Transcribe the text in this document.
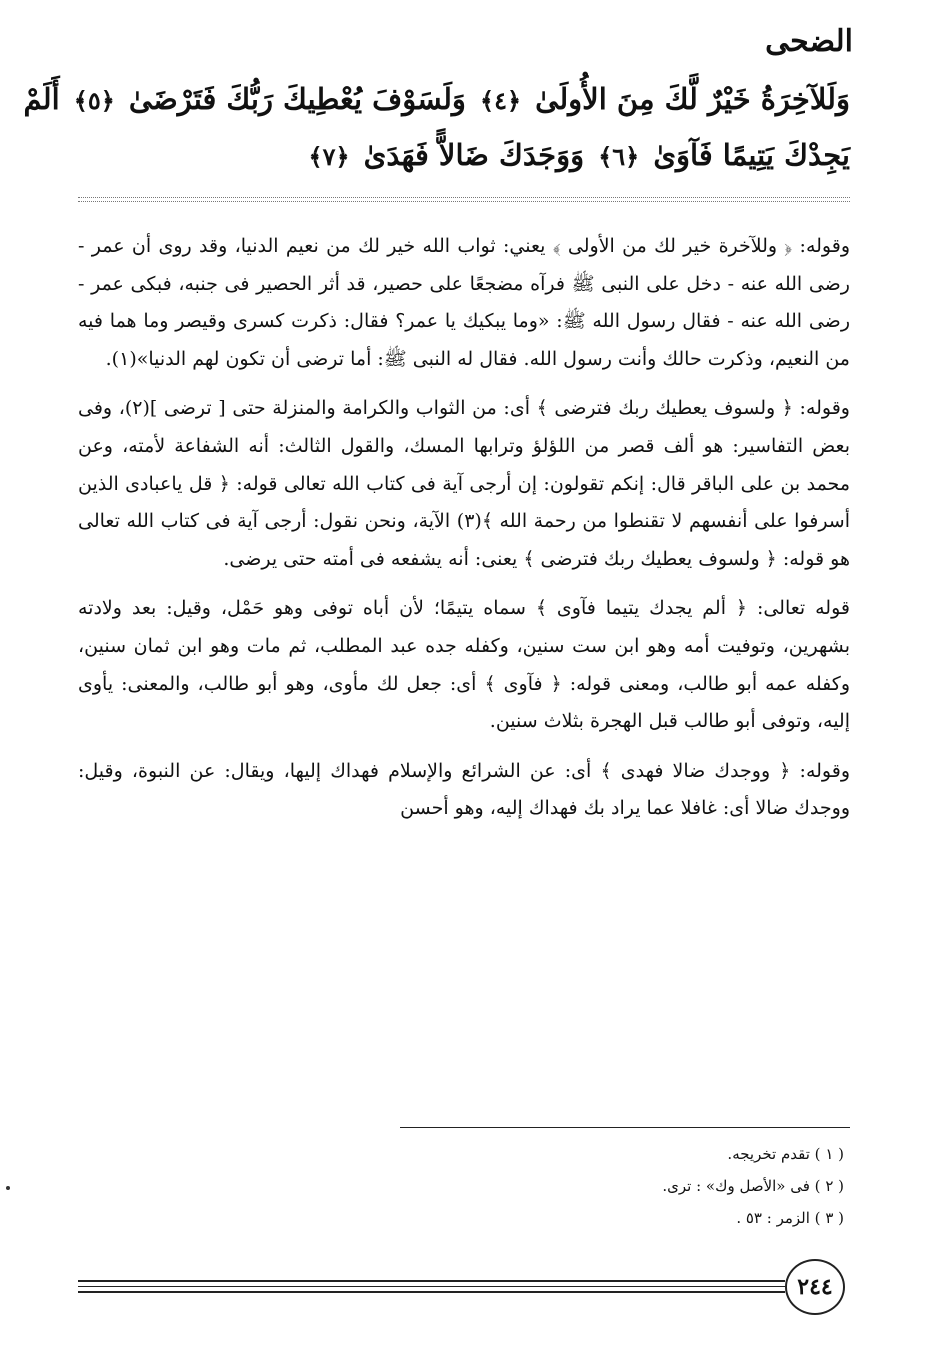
الضحى
وَلَلآخِرَةُ خَيْرٌ لَّكَ مِنَ الأُولَىٰ ﴿٤﴾ وَلَسَوْفَ يُعْطِيكَ رَبُّكَ فَتَرْضَىٰ ﴿٥﴾ أَلَمْ
يَجِدْكَ يَتِيمًا فَآوَىٰ ﴿٦﴾ وَوَجَدَكَ ضَالاًّ فَهَدَىٰ ﴿٧﴾

وقوله: ﴿ وللآخرة خير لك من الأولى ﴾ يعني: ثواب الله خير لك من نعيم الدنيا، وقد روى أن عمر - رضى الله عنه - دخل على النبى ﷺ فرآه مضجعًا على حصير، قد أثر الحصير فى جنبه، فبكى عمر - رضى الله عنه - فقال رسول الله ﷺ: «وما يبكيك يا عمر؟ فقال: ذكرت كسرى وقيصر وما هما فيه من النعيم، وذكرت حالك وأنت رسول الله. فقال له النبى ﷺ: أما ترضى أن تكون لهم الدنيا»(١).

وقوله: ﴿ ولسوف يعطيك ربك فترضى ﴾ أى: من الثواب والكرامة والمنزلة حتى [ ترضى ](٢)، وفى بعض التفاسير: هو ألف قصر من اللؤلؤ وترابها المسك، والقول الثالث: أنه الشفاعة لأمته، وعن محمد بن على الباقر قال: إنكم تقولون: إن أرجى آية فى كتاب الله تعالى قوله: ﴿ قل ياعبادى الذين أسرفوا على أنفسهم لا تقنطوا من رحمة الله ﴾(٣) الآية، ونحن نقول: أرجى آية فى كتاب الله تعالى هو قوله: ﴿ ولسوف يعطيك ربك فترضى ﴾ يعنى: أنه يشفعه فى أمته حتى يرضى.

قوله تعالى: ﴿ ألم يجدك يتيما فآوى ﴾ سماه يتيمًا؛ لأن أباه توفى وهو حَمْل، وقيل: بعد ولادته بشهرين، وتوفيت أمه وهو ابن ست سنين، وكفله جده عبد المطلب، ثم مات وهو ابن ثمان سنين، وكفله عمه أبو طالب، ومعنى قوله: ﴿ فآوى ﴾ أى: جعل لك مأوى، وهو أبو طالب، والمعنى: يأوى إليه، وتوفى أبو طالب قبل الهجرة بثلاث سنين.

وقوله: ﴿ ووجدك ضالا فهدى ﴾ أى: عن الشرائع والإسلام فهداك إليها، ويقال: عن النبوة، وقيل: ووجدك ضالا أى: غافلا عما يراد بك فهداك إليه، وهو أحسن

( ١ ) تقدم تخريجه.
( ٢ ) فى «الأصل وك» : ترى.
( ٣ ) الزمر : ٥٣ .
٢٤٤
